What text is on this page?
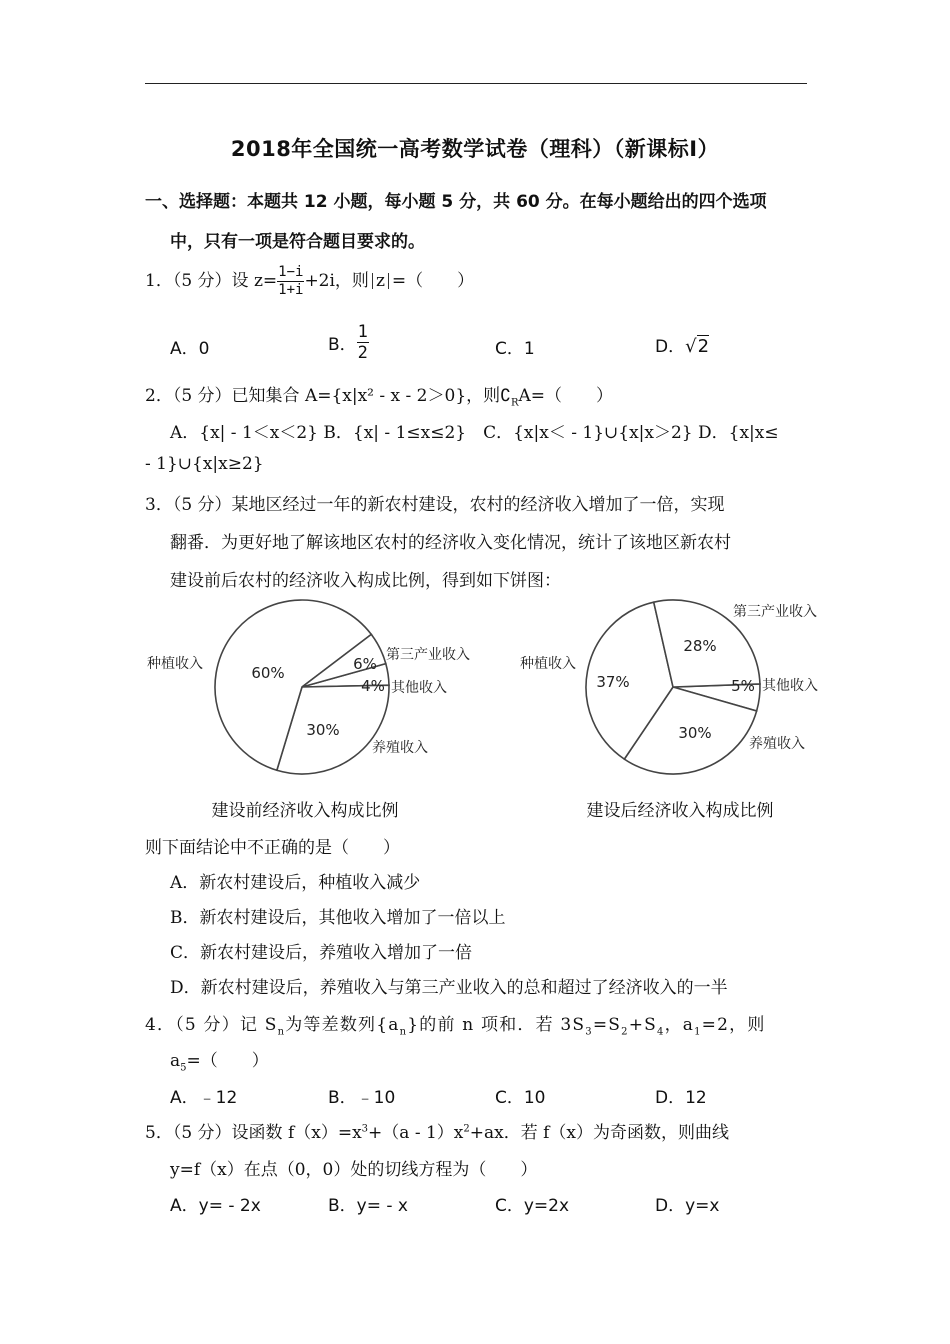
2018年全国统一高考数学试卷（理科）（新课标Ⅰ）
一、选择题：本题共 12 小题，每小题 5 分，共 60 分。在每小题给出的四个选项
中，只有一项是符合题目要求的。
1．（5 分）设 $z= \frac{1-i}{1+i} +2i$，则 z =（　　）
A．0	B． $\frac{1}{2}$	C．1	D．√2
2．（5 分）已知集合 A={x|x² - x - 2＞0}，则$∁_RA=$（　　）
A．{x| - 1＜x＜2} B．{x| - 1≤x≤2}　C．{x|x＜ - 1}∪{x|x＞2} D．{x|x≤
- 1}∪{x|x≥2}
3．（5 分）某地区经过一年的新农村建设，农村的经济收入增加了一倍，实现
翻番．为更好地了解该地区农村的经济收入变化情况，统计了该地区新农村
建设前后农村的经济收入构成比例，得到如下饼图：
60%
种植收入	6% 第三产业收入
4% 其他收入
30%
养殖收入
建设前经济收入构成比例
37%
种植收入
28%
第三产业收入
5% 其他收入
30%
养殖收入
建设后经济收入构成比例
则下面结论中不正确的是（　　）
A．新农村建设后，种植收入减少
B．新农村建设后，其他收入增加了一倍以上
C．新农村建设后，养殖收入增加了一倍
D．新农村建设后，养殖收入与第三产业收入的总和超过了经济收入的一半
4．（5 分）记 $S_n$为等差数列$\{a_n\}$的前 n 项和．若 $3S_3=S_2+S_4$，$a_1=2$，则
$a_5=$（　　）
A．﹣12	B．﹣10	C．10	D．12
5．（5 分）设函数 $f(x)=x^3+(a - 1)x^2+ax$．若 f（x）为奇函数，则曲线
y=f（x）在点（0，0）处的切线方程为（　　）
A．y= - 2x	B．y= - x	C．y=2x	D．y=x
